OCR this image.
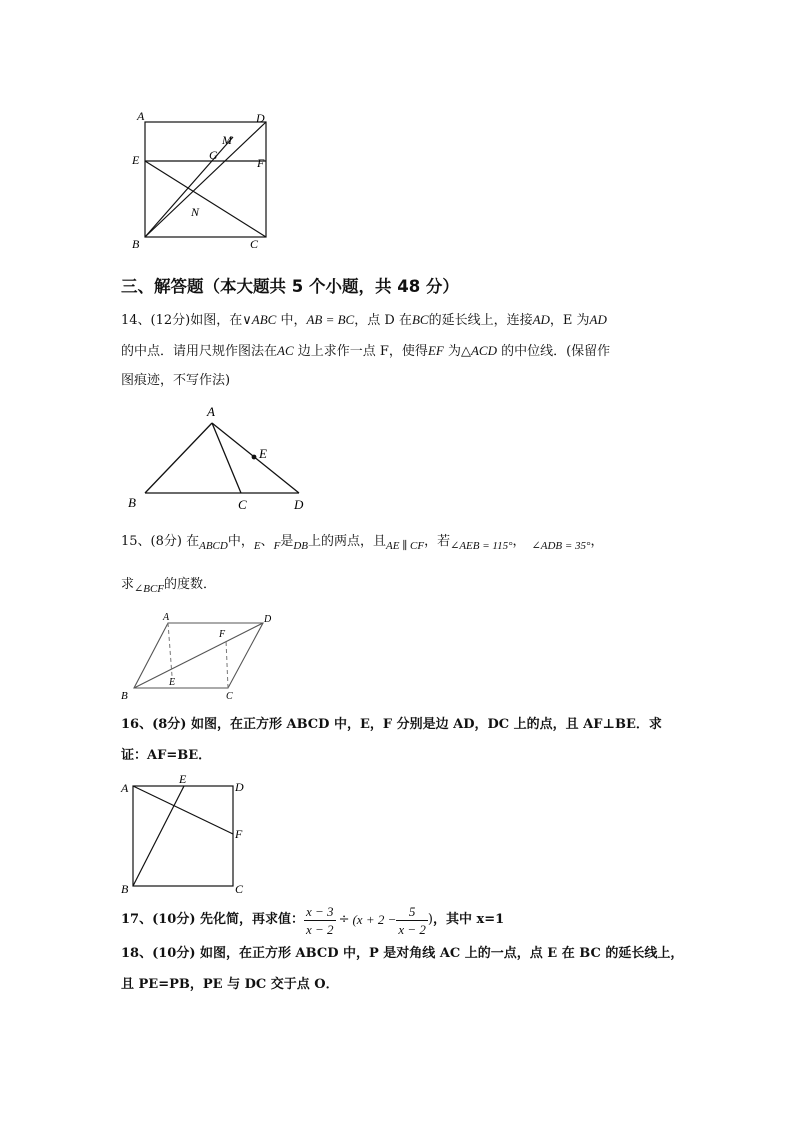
A	D
E	F
M
G
N
B	C
三、解答题（本大题共 5 个小题，共 48 分）
14、(12分)如图，在∨ABC 中，AB = BC，点 D 在BC的延长线上，连接AD，E 为AD
的中点．请用尺规作图法在AC 边上求作一点 F，使得EF 为△ACD 的中位线．(保留作
图痕迹，不写作法)
A
E
B	C	D
15、(8分) 在$_{ABCD}$中，$_E$、$_F$是$_{DB}$上的两点，且$_{AE \parallel CF}$，若$_{\angle AEB = 115^\circ}$， $_{\angle ADB = 35^\circ}$，
求$_{\angle BCF}$的度数．
A
F
D
E
B	C
16、(8分) 如图，在正方形 ABCD 中，E，F 分别是边 AD，DC 上的点，且 AF⊥BE．求
证：AF=BE．
A
E
D
F
B	C
17、(10分) 先化简，再求值： $\frac{x - 3}{x - 2} \div (x + 2 - \frac{5}{x - 2}$ ) ，其中 x=1
18、(10分) 如图，在正方形 ABCD 中，P 是对角线 AC 上的一点，点 E 在 BC 的延长线上，
且 PE=PB，PE 与 DC 交于点 O．
